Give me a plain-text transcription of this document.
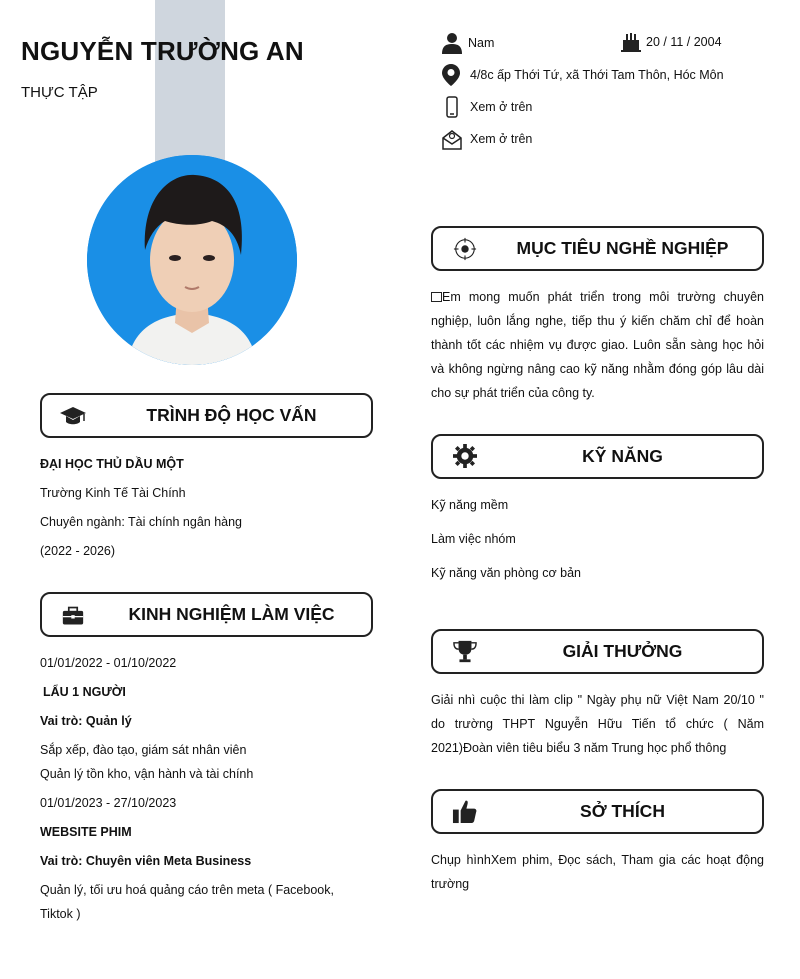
NGUYỄN TRƯỜNG AN
THỰC TẬP
Nam	20 / 11 / 2004
4/8c ấp Thới Tứ, xã Thới Tam Thôn, Hóc Môn
Xem ở trên
Xem ở trên
TRÌNH ĐỘ HỌC VẤN
ĐẠI HỌC THỦ DẦU MỘT
Trường Kinh Tế Tài Chính
Chuyên ngành: Tài chính ngân hàng
(2022 - 2026)
KINH NGHIỆM LÀM VIỆC
01/01/2022 - 01/10/2022
LẨU 1 NGƯỜI
Vai trò: Quản lý
Sắp xếp, đào tạo, giám sát nhân viên
Quản lý tồn kho, vận hành và tài chính
01/01/2023 - 27/10/2023
WEBSITE PHIM
Vai trò: Chuyên viên Meta Business
Quản lý, tối ưu hoá quảng cáo trên meta ( Facebook,
Tiktok )
MỤC TIÊU NGHỀ NGHIỆP
Em mong muốn phát triển trong môi trường chuyên nghiệp, luôn lắng nghe, tiếp thu ý kiến chăm chỉ để hoàn thành tốt các nhiệm vụ được giao. Luôn sẵn sàng học hỏi và không ngừng nâng cao kỹ năng nhằm đóng góp lâu dài cho sự phát triển của công ty.
KỸ NĂNG
Kỹ năng mềm
Làm việc nhóm
Kỹ năng văn phòng cơ bản
GIẢI THƯỞNG
Giải nhì cuộc thi làm clip " Ngày phụ nữ Việt Nam 20/10 " do trường THPT Nguyễn Hữu Tiến tổ chức ( Năm 2021)Đoàn viên tiêu biểu 3 năm Trung học phổ thông
SỞ THÍCH
Chụp hìnhXem phim, Đọc sách, Tham gia các hoạt động trường
